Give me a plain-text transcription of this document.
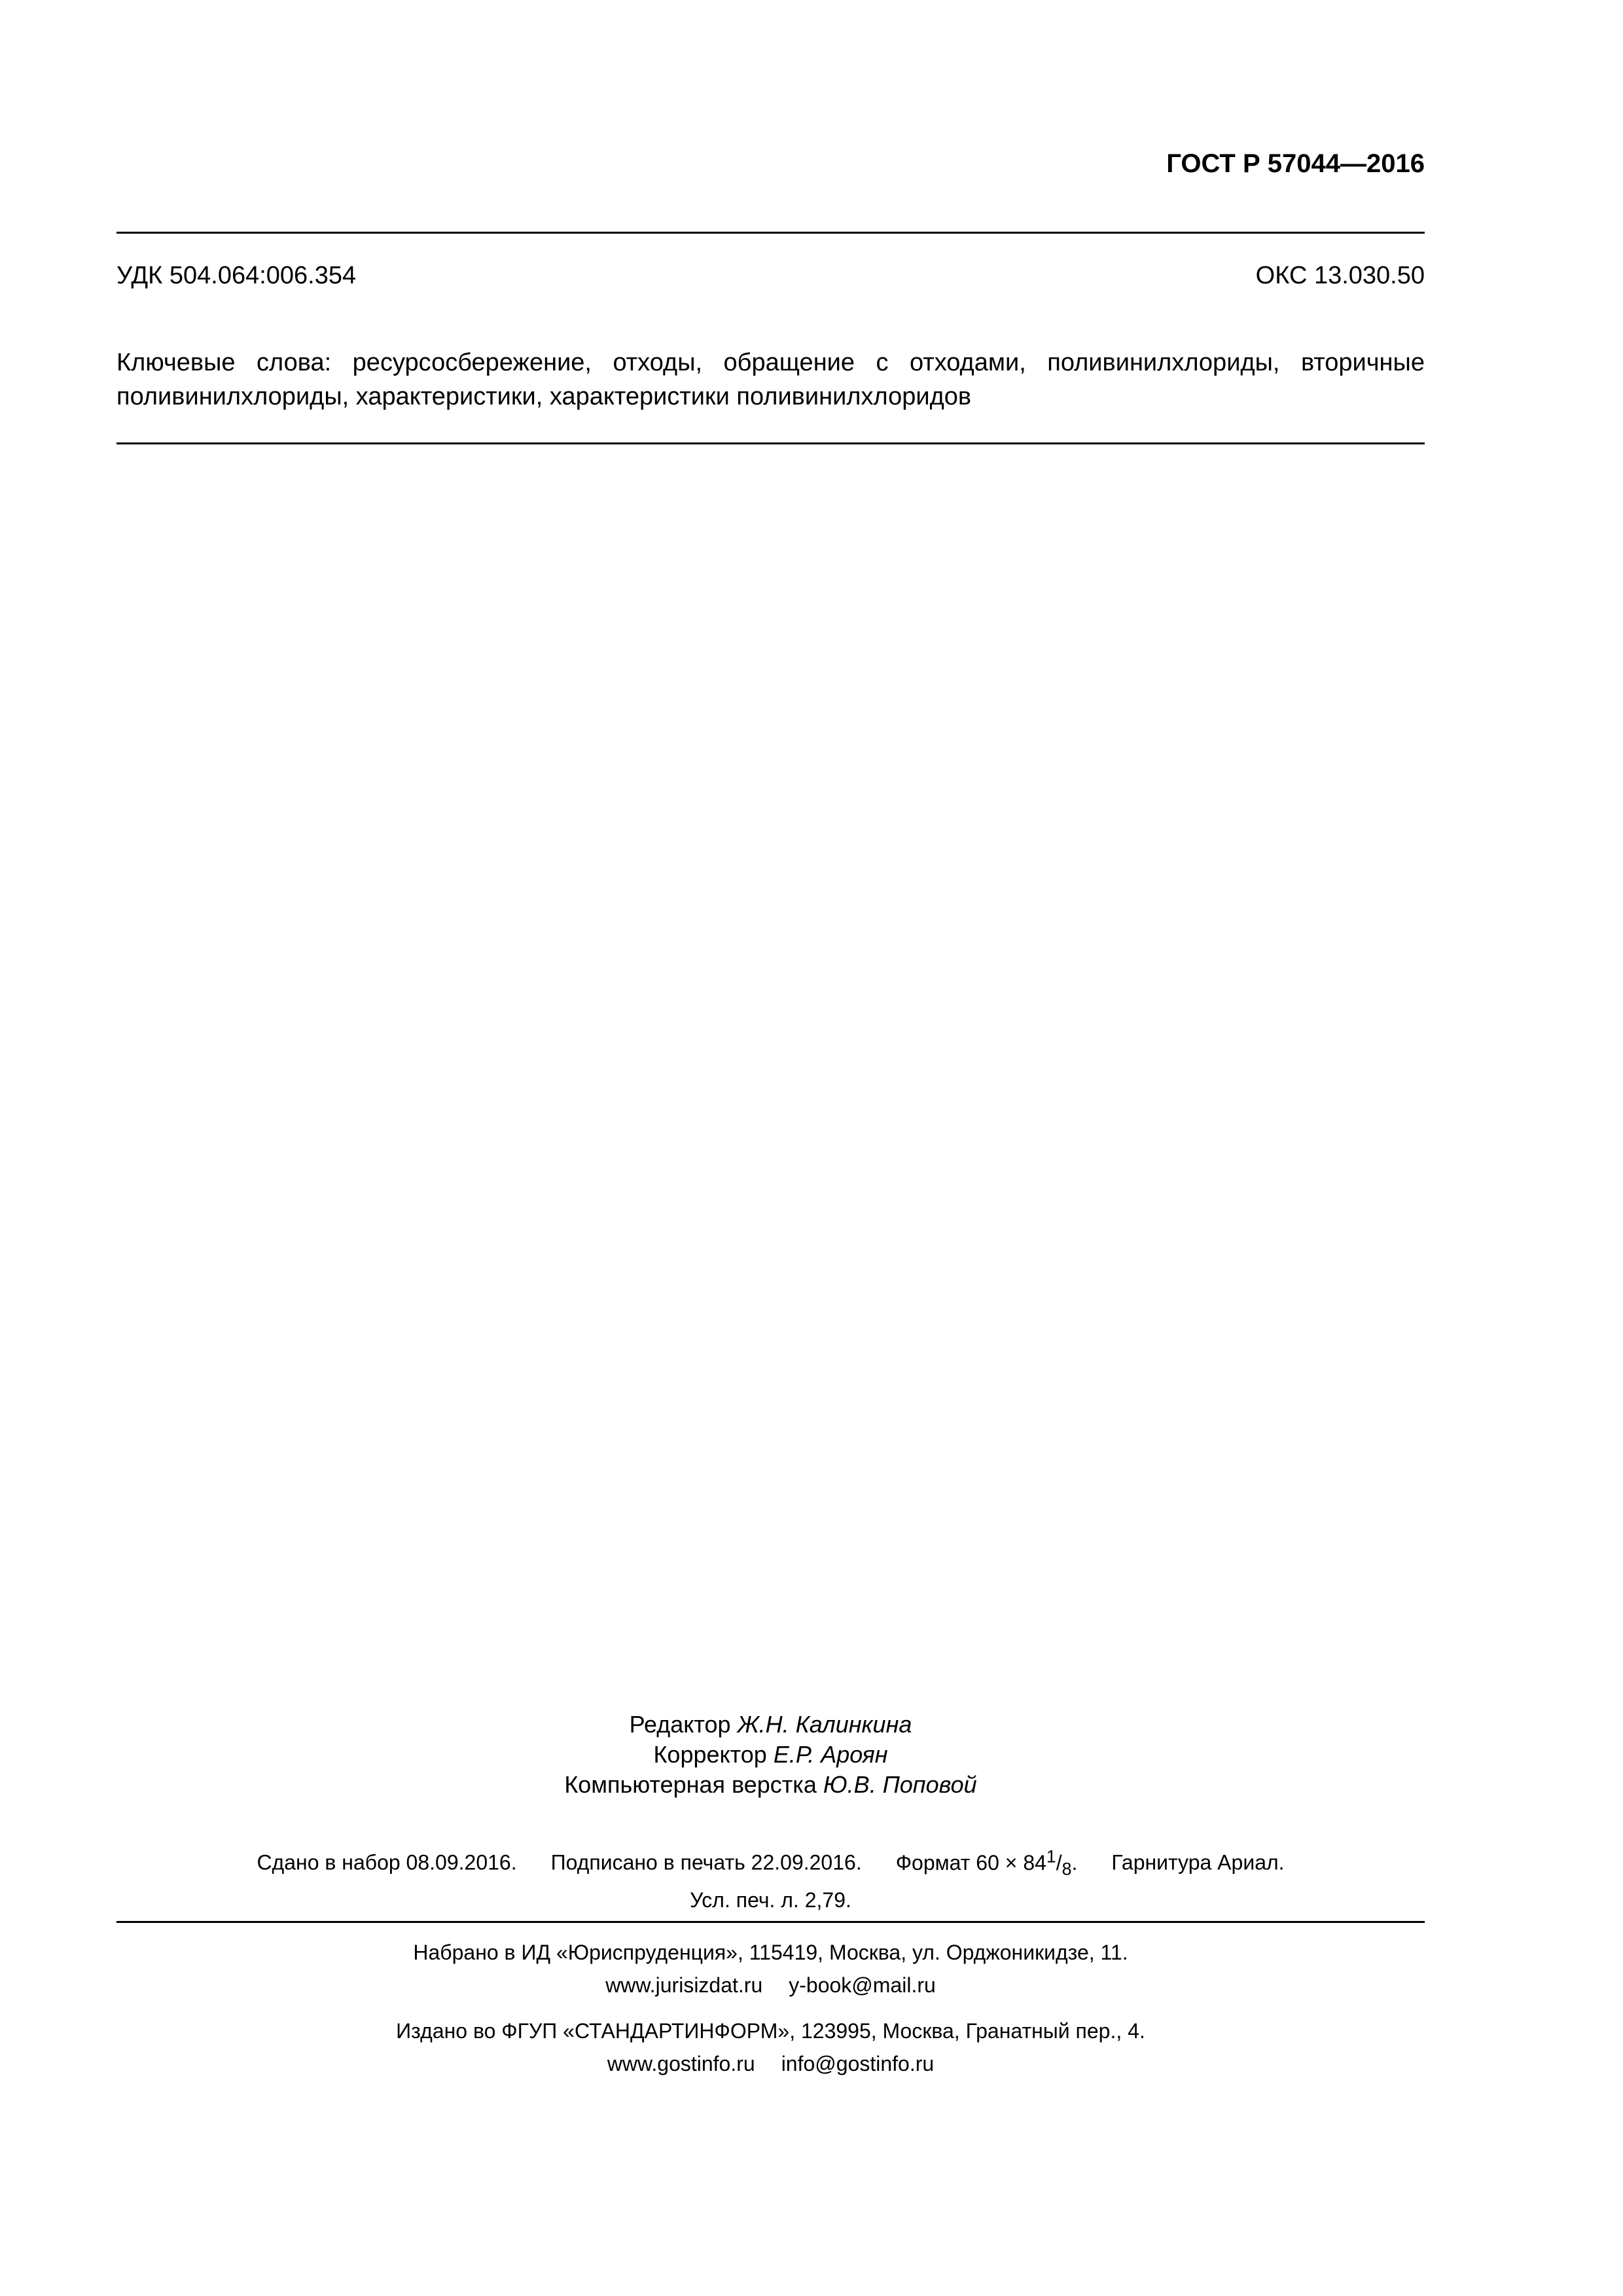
ГОСТ Р 57044—2016
УДК 504.064:006.354	ОКС 13.030.50
Ключевые слова: ресурсосбережение, отходы, обращение с отходами, поливинилхлориды, вторичные поливинилхлориды, характеристики, характеристики поливинилхлоридов
Редактор Ж.Н. Калинкина
Корректор Е.Р. Ароян
Компьютерная верстка Ю.В. Поповой
Сдано в набор 08.09.2016. Подписано в печать 22.09.2016. Формат $60 \times 84^1/_8$. Гарнитура Ариал.
Усл. печ. л. 2,79.
Набрано в ИД «Юриспруденция», 115419, Москва, ул. Орджоникидзе, 11.
www.jurisizdat.ru y-book@mail.ru
Издано во ФГУП «СТАНДАРТИНФОРМ», 123995, Москва, Гранатный пер., 4.
www.gostinfo.ru info@gostinfo.ru
